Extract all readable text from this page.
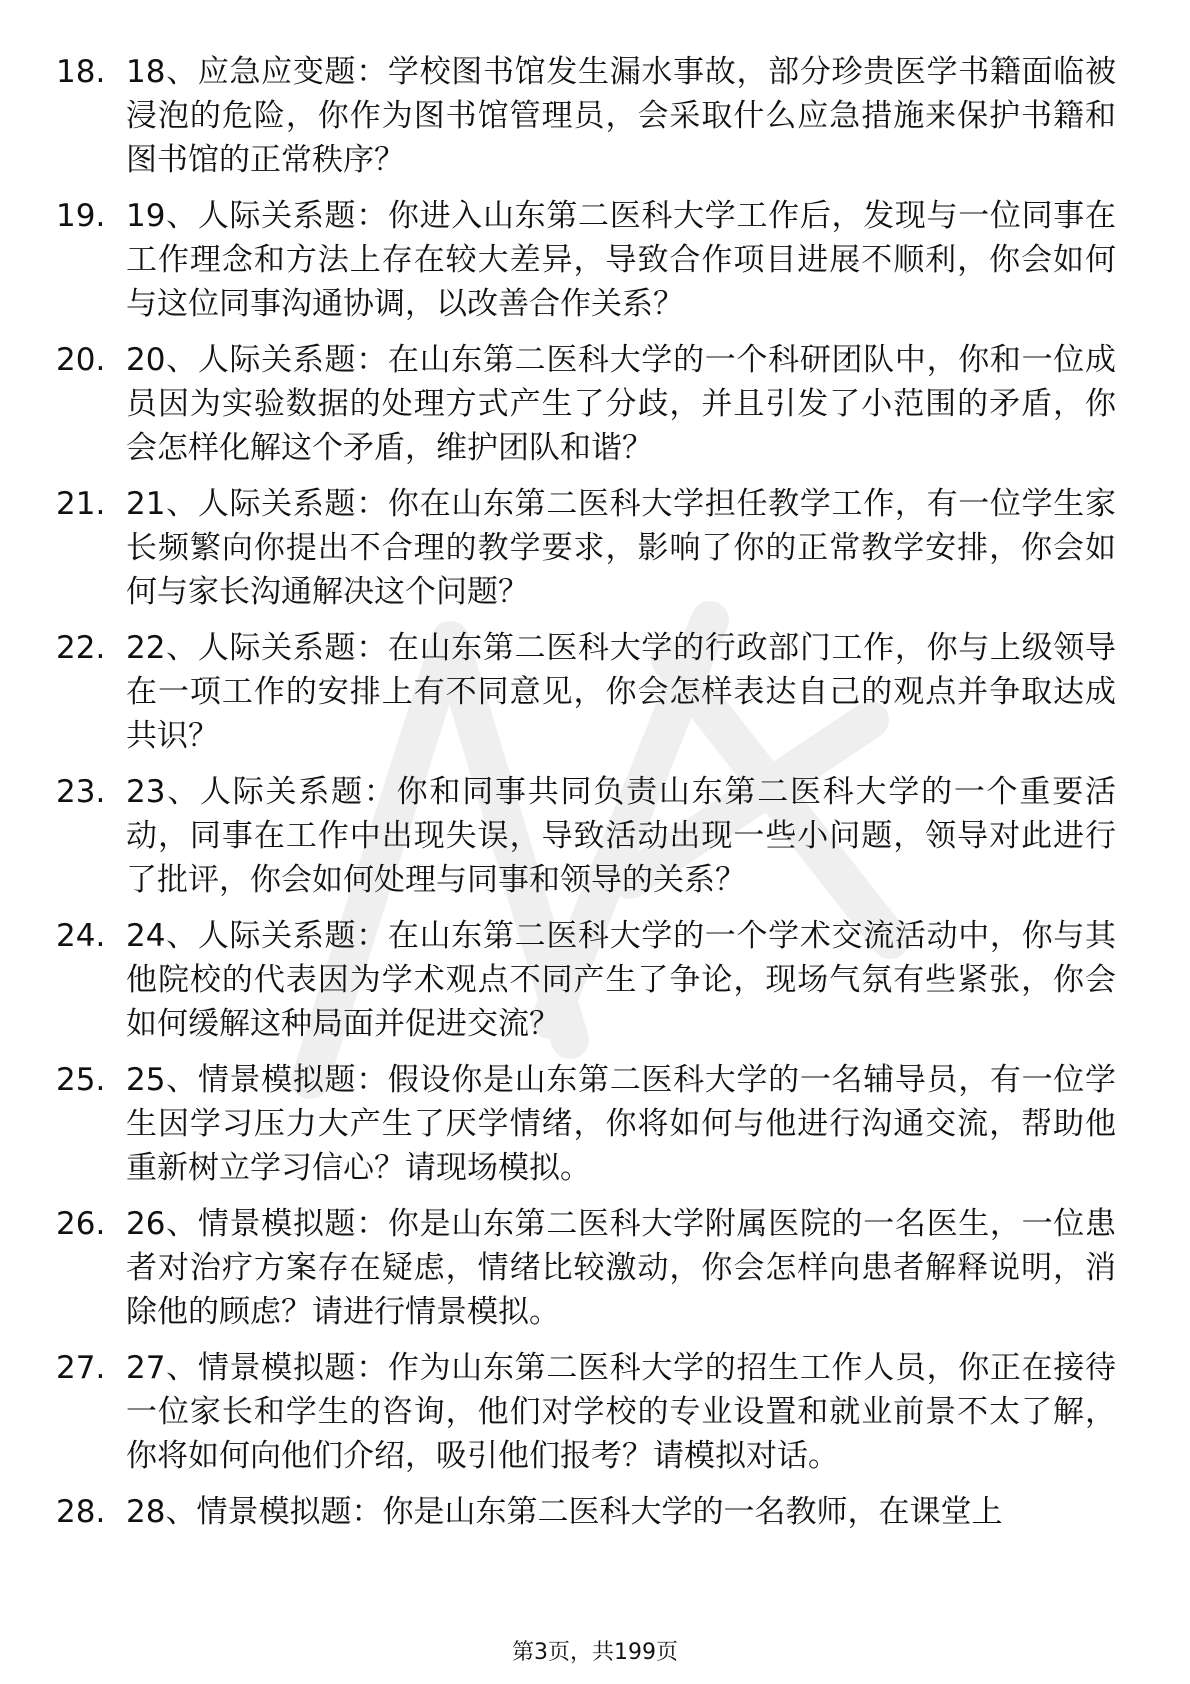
18. 18、应急应变题：学校图书馆发生漏水事故，部分珍贵医学书籍面临被浸泡的危险，你作为图书馆管理员，会采取什么应急措施来保护书籍和图书馆的正常秩序？
19. 19、人际关系题：你进入山东第二医科大学工作后，发现与一位同事在工作理念和方法上存在较大差异，导致合作项目进展不顺利，你会如何与这位同事沟通协调，以改善合作关系？
20. 20、人际关系题：在山东第二医科大学的一个科研团队中，你和一位成员因为实验数据的处理方式产生了分歧，并且引发了小范围的矛盾，你会怎样化解这个矛盾，维护团队和谐？
21. 21、人际关系题：你在山东第二医科大学担任教学工作，有一位学生家长频繁向你提出不合理的教学要求，影响了你的正常教学安排，你会如何与家长沟通解决这个问题？
22. 22、人际关系题：在山东第二医科大学的行政部门工作，你与上级领导在一项工作的安排上有不同意见，你会怎样表达自己的观点并争取达成共识？
23. 23、人际关系题：你和同事共同负责山东第二医科大学的一个重要活动，同事在工作中出现失误，导致活动出现一些小问题，领导对此进行了批评，你会如何处理与同事和领导的关系？
24. 24、人际关系题：在山东第二医科大学的一个学术交流活动中，你与其他院校的代表因为学术观点不同产生了争论，现场气氛有些紧张，你会如何缓解这种局面并促进交流？
25. 25、情景模拟题：假设你是山东第二医科大学的一名辅导员，有一位学生因学习压力大产生了厌学情绪，你将如何与他进行沟通交流，帮助他重新树立学习信心？请现场模拟。
26. 26、情景模拟题：你是山东第二医科大学附属医院的一名医生，一位患者对治疗方案存在疑虑，情绪比较激动，你会怎样向患者解释说明，消除他的顾虑？请进行情景模拟。
27. 27、情景模拟题：作为山东第二医科大学的招生工作人员，你正在接待一位家长和学生的咨询，他们对学校的专业设置和就业前景不太了解，你将如何向他们介绍，吸引他们报考？请模拟对话。
28. 28、情景模拟题：你是山东第二医科大学的一名教师，在课堂上
第3页，共199页
